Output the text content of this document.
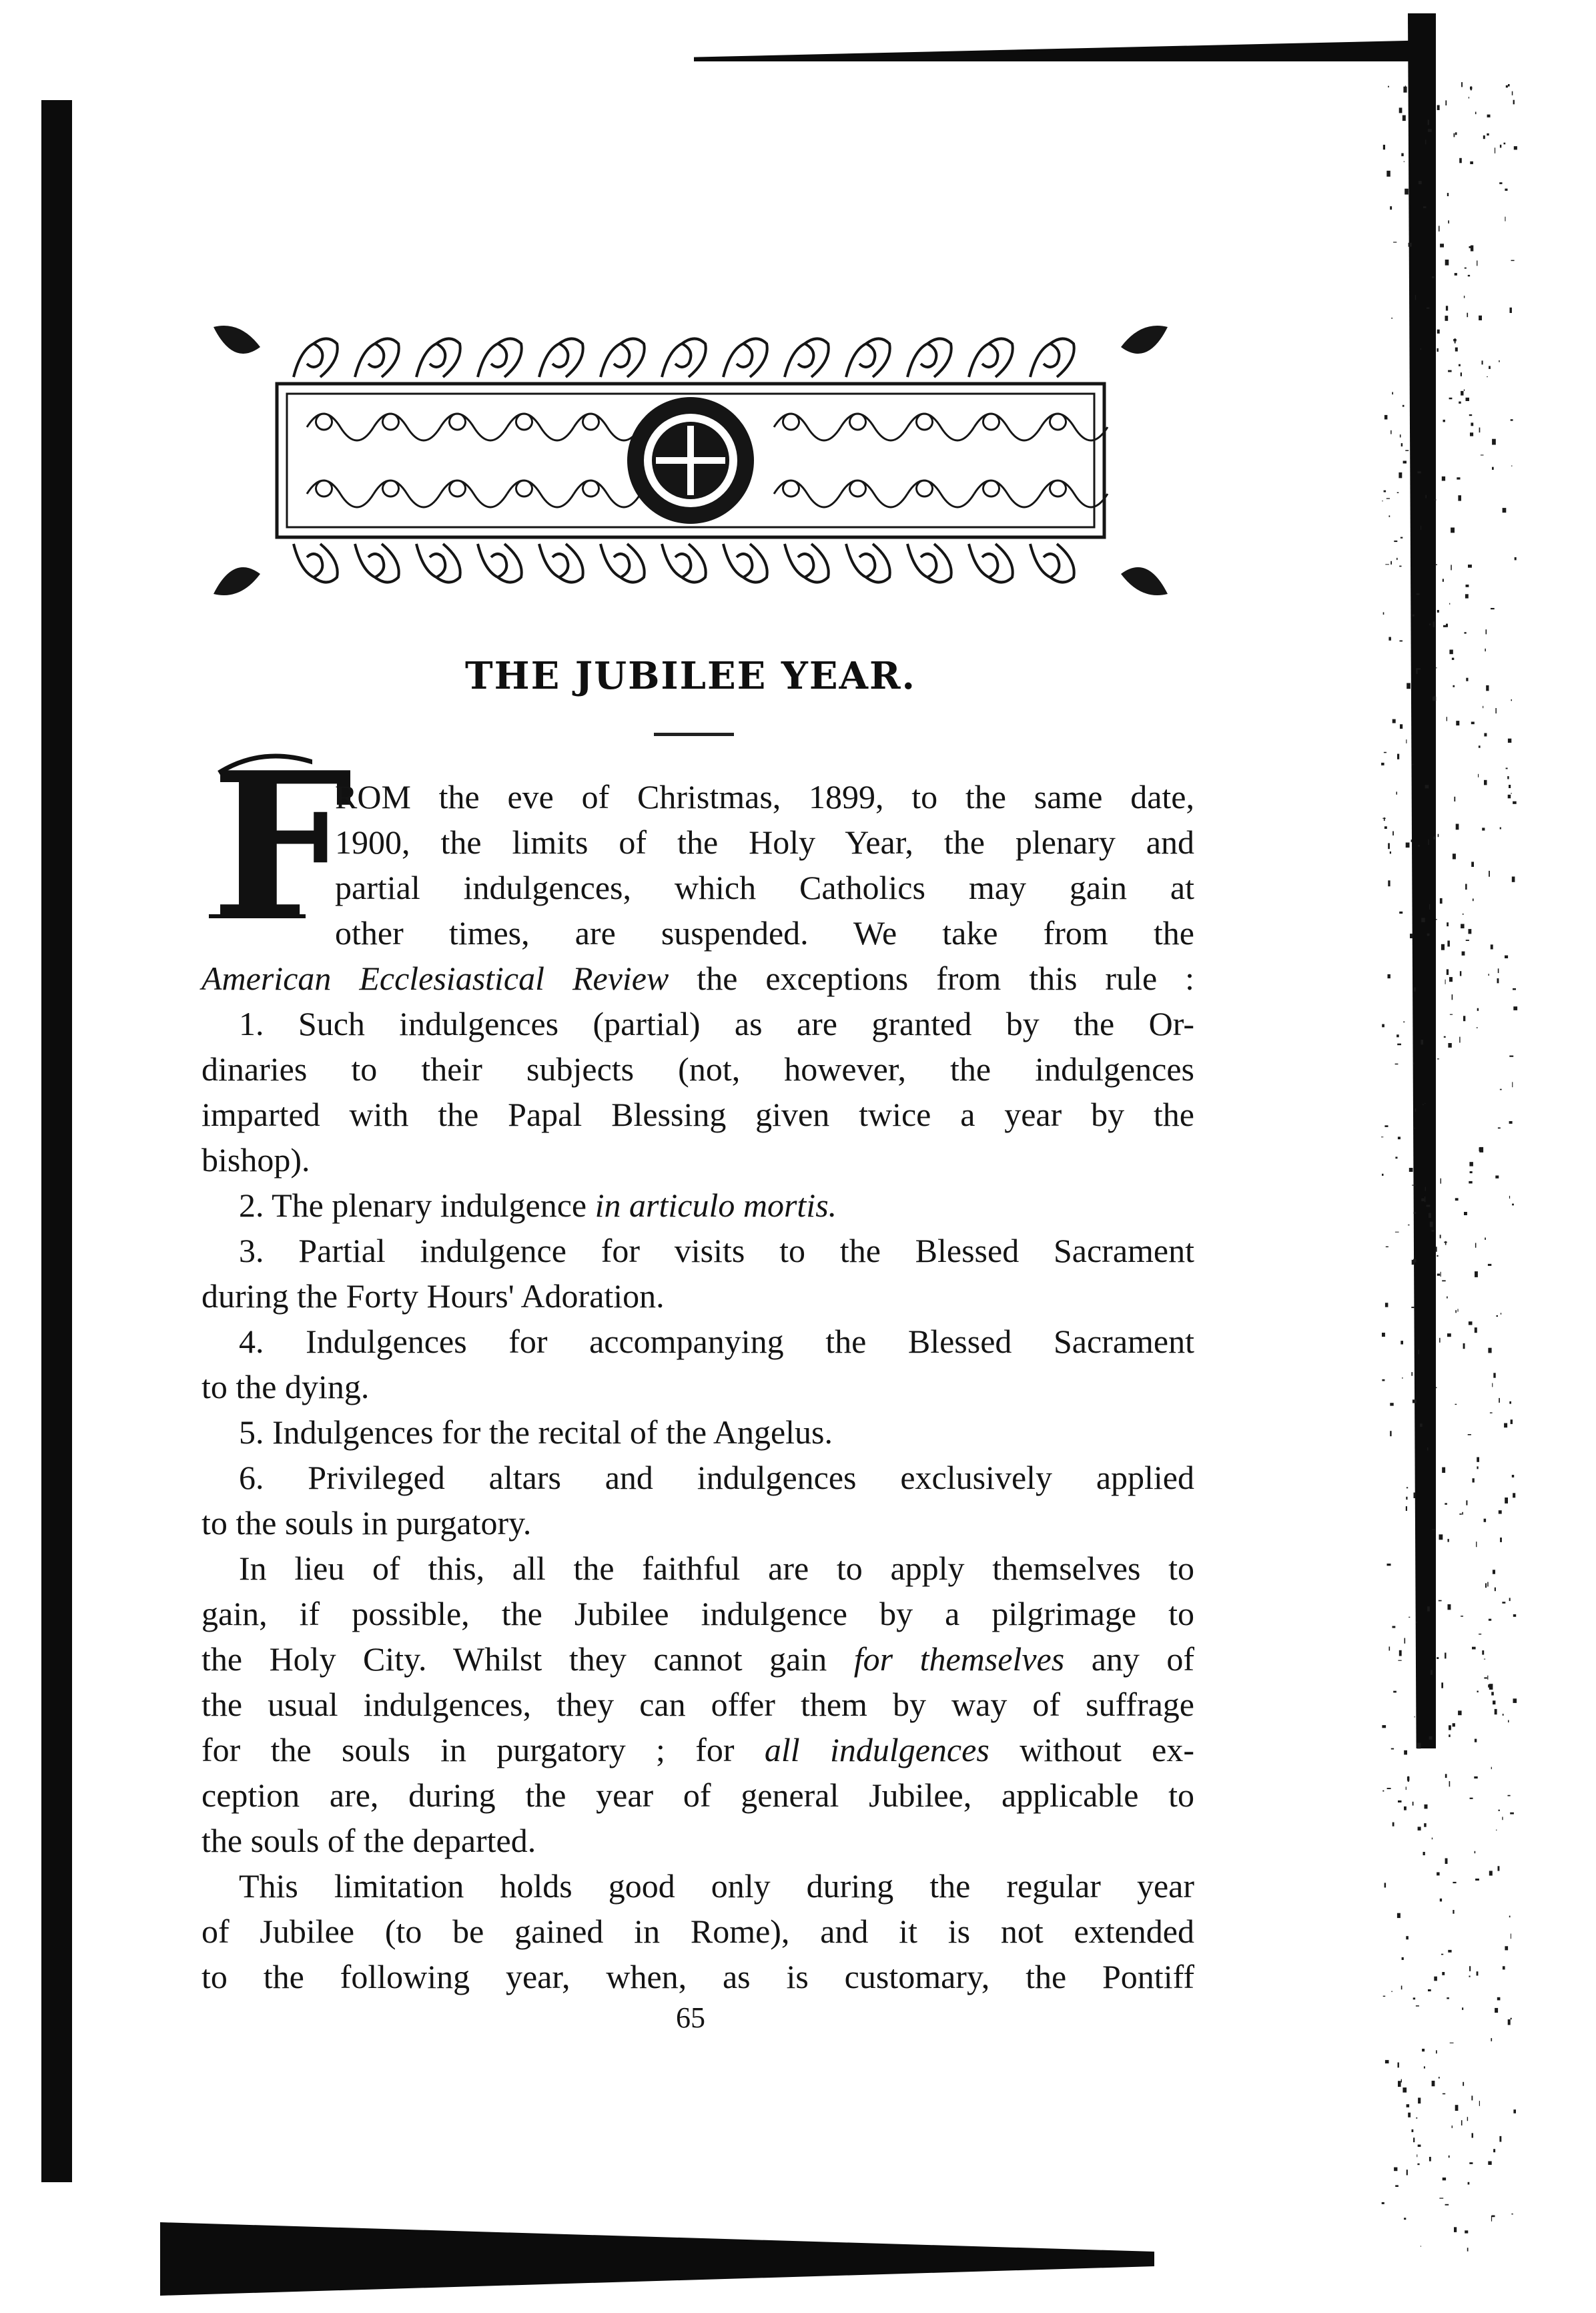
THE JUBILEE YEAR.
F
ROM the eve of Christmas, 1899, to the same date,
1900, the limits of the Holy Year, the plenary and
partial indulgences, which Catholics may gain at
other times, are suspended. We take from the
American Ecclesiastical Review the exceptions from this rule :
1. Such indulgences (partial) as are granted by the Or-
dinaries to their subjects (not, however, the indulgences
imparted with the Papal Blessing given twice a year by the
bishop).
2. The plenary indulgence in articulo mortis.
3. Partial indulgence for visits to the Blessed Sacrament
during the Forty Hours' Adoration.
4. Indulgences for accompanying the Blessed Sacrament
to the dying.
5. Indulgences for the recital of the Angelus.
6. Privileged altars and indulgences exclusively applied
to the souls in purgatory.
In lieu of this, all the faithful are to apply themselves to
gain, if possible, the Jubilee indulgence by a pilgrimage to
the Holy City. Whilst they cannot gain for themselves any of
the usual indulgences, they can offer them by way of suffrage
for the souls in purgatory ; for all indulgences without ex-
ception are, during the year of general Jubilee, applicable to
the souls of the departed.
This limitation holds good only during the regular year
of Jubilee (to be gained in Rome), and it is not extended
to the following year, when, as is customary, the Pontiff
65
